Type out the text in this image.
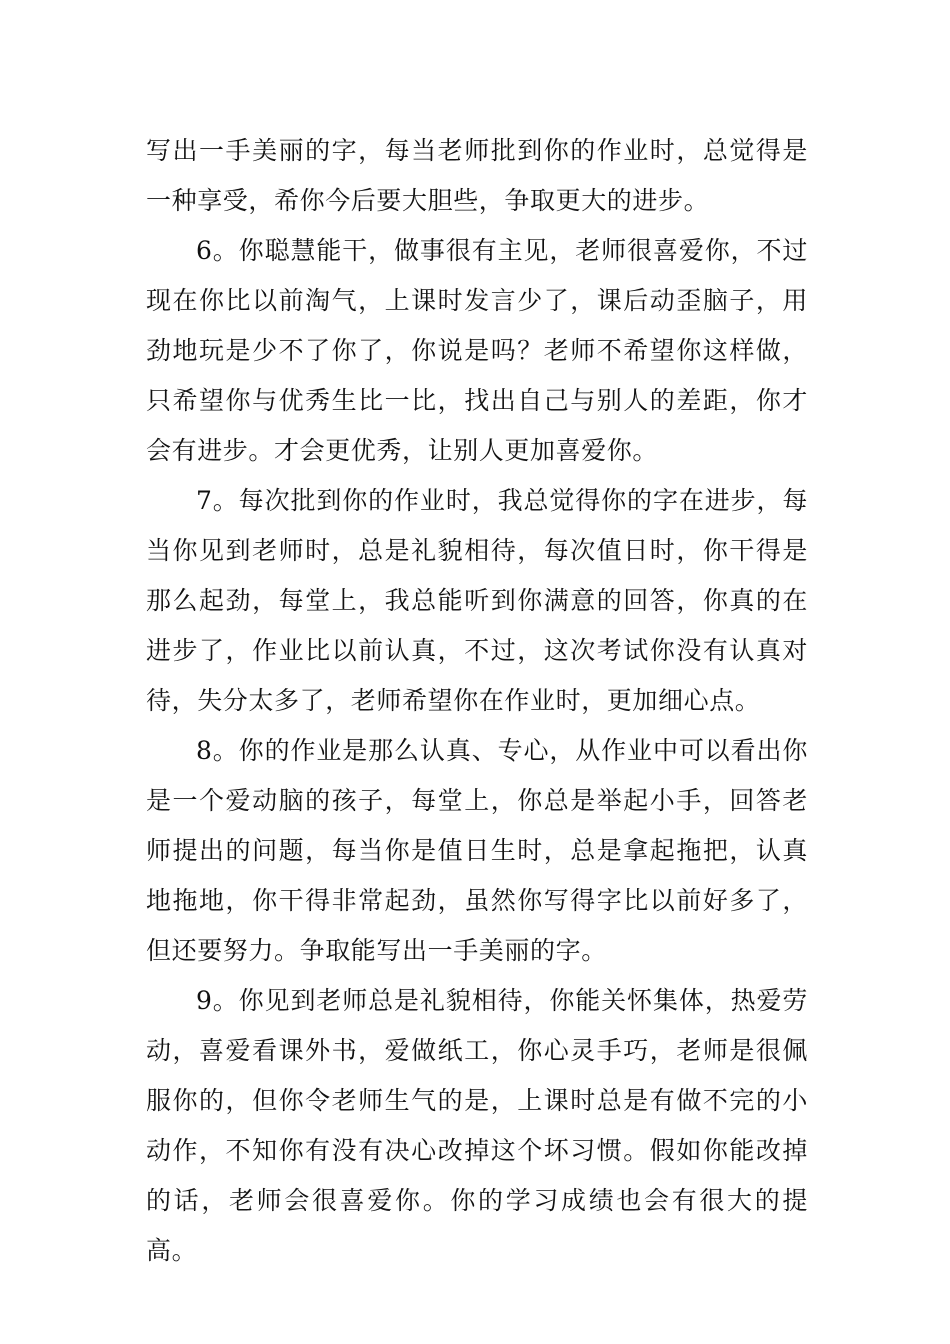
写出一手美丽的字，每当老师批到你的作业时，总觉得是一种享受，希你今后要大胆些，争取更大的进步。

6。你聪慧能干，做事很有主见，老师很喜爱你，不过现在你比以前淘气，上课时发言少了，课后动歪脑子，用劲地玩是少不了你了，你说是吗？老师不希望你这样做，只希望你与优秀生比一比，找出自己与别人的差距，你才会有进步。才会更优秀，让别人更加喜爱你。

7。每次批到你的作业时，我总觉得你的字在进步，每当你见到老师时，总是礼貌相待，每次值日时，你干得是那么起劲，每堂上，我总能听到你满意的回答，你真的在进步了，作业比以前认真，不过，这次考试你没有认真对待，失分太多了，老师希望你在作业时，更加细心点。

8。你的作业是那么认真、专心，从作业中可以看出你是一个爱动脑的孩子，每堂上，你总是举起小手，回答老师提出的问题，每当你是值日生时，总是拿起拖把，认真地拖地，你干得非常起劲，虽然你写得字比以前好多了，但还要努力。争取能写出一手美丽的字。

9。你见到老师总是礼貌相待，你能关怀集体，热爱劳动，喜爱看课外书，爱做纸工，你心灵手巧，老师是很佩服你的，但你令老师生气的是，上课时总是有做不完的小动作，不知你有没有决心改掉这个坏习惯。假如你能改掉的话，老师会很喜爱你。你的学习成绩也会有很大的提高。
